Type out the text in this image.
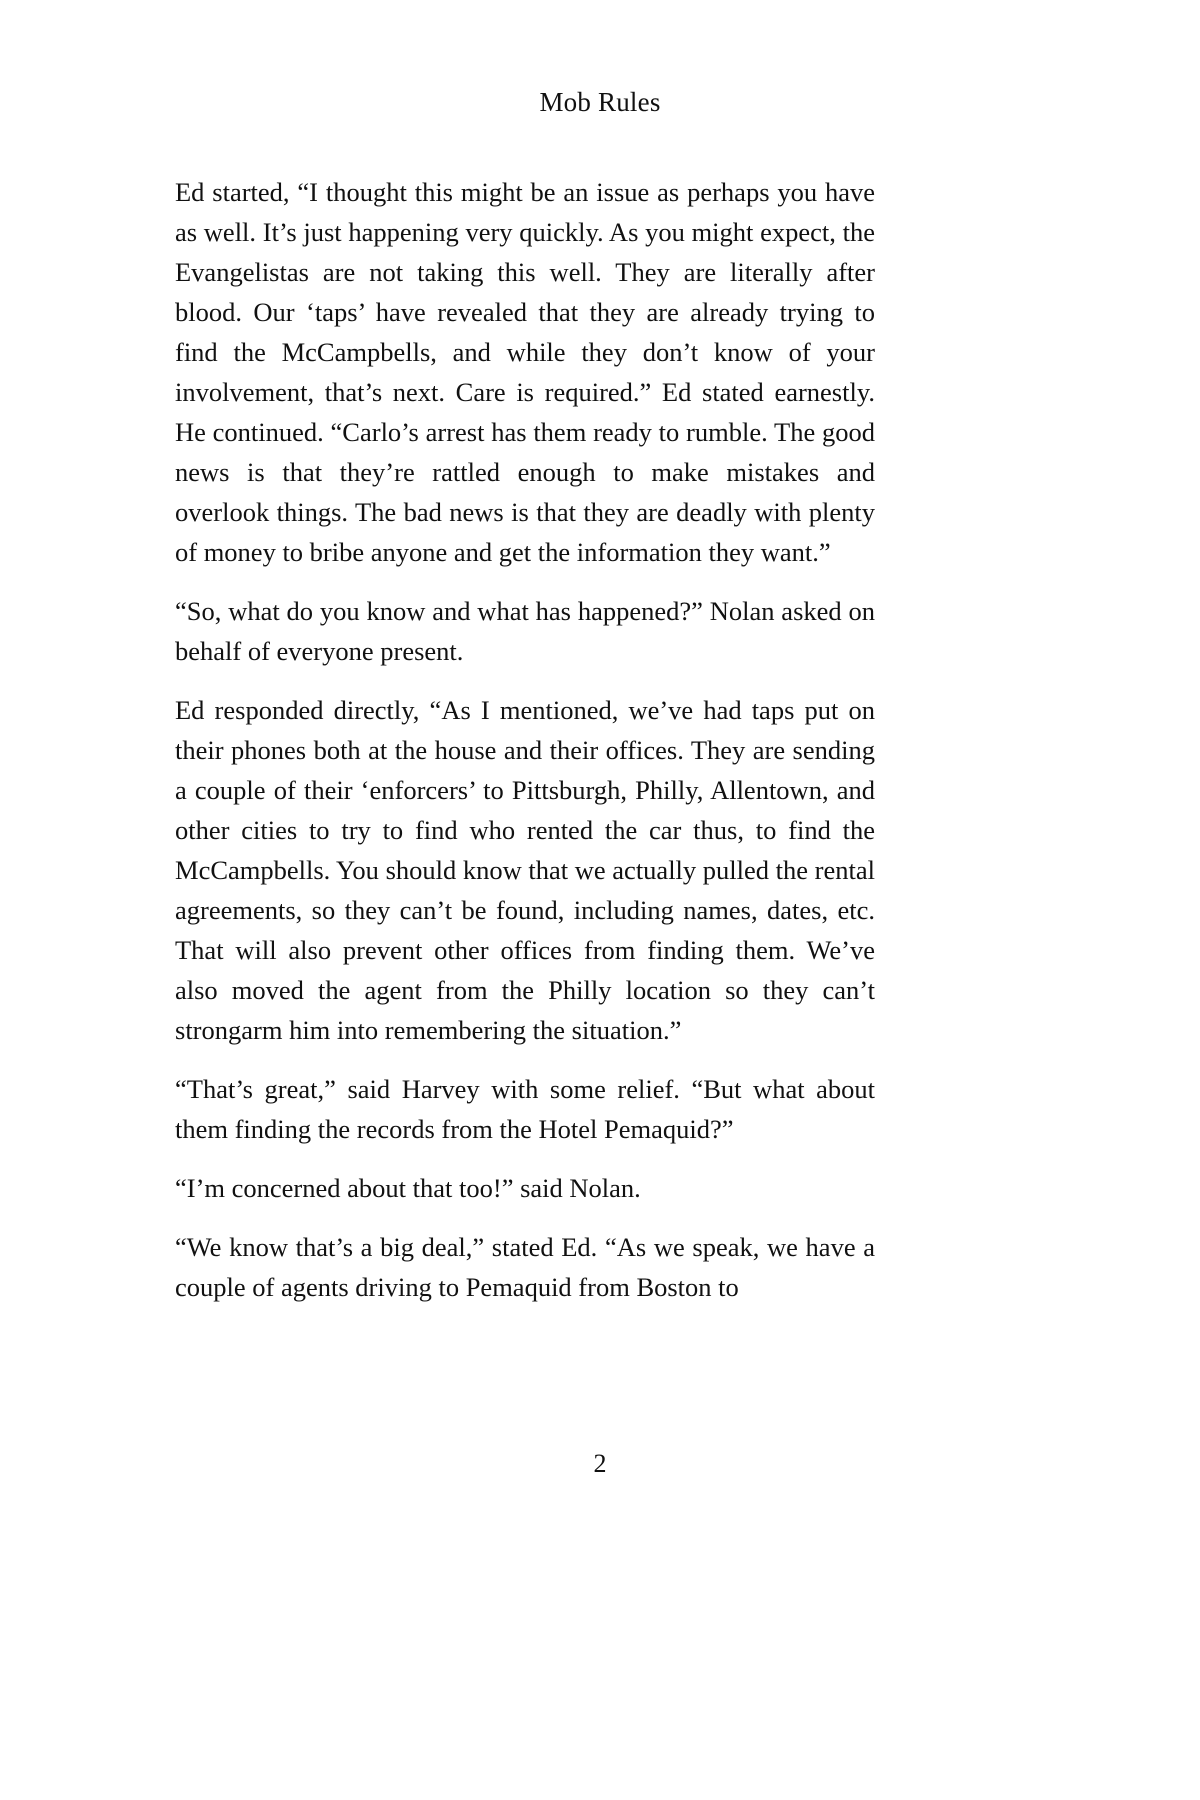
Mob Rules

Ed started, “I thought this might be an issue as perhaps you have as well. It’s just happening very quickly. As you might expect, the Evangelistas are not taking this well. They are literally after blood. Our ‘taps’ have revealed that they are already trying to find the McCampbells, and while they don’t know of your involvement, that’s next. Care is required.” Ed stated earnestly. He continued. “Carlo’s arrest has them ready to rumble. The good news is that they’re rattled enough to make mistakes and overlook things. The bad news is that they are deadly with plenty of money to bribe anyone and get the information they want.”

“So, what do you know and what has happened?” Nolan asked on behalf of everyone present.

Ed responded directly, “As I mentioned, we’ve had taps put on their phones both at the house and their offices. They are sending a couple of their ‘enforcers’ to Pittsburgh, Philly, Allentown, and other cities to try to find who rented the car thus, to find the McCampbells. You should know that we actually pulled the rental agreements, so they can’t be found, including names, dates, etc. That will also prevent other offices from finding them. We’ve also moved the agent from the Philly location so they can’t strongarm him into remembering the situation.”

“That’s great,” said Harvey with some relief. “But what about them finding the records from the Hotel Pemaquid?”

“I’m concerned about that too!” said Nolan.

“We know that’s a big deal,” stated Ed. “As we speak, we have a couple of agents driving to Pemaquid from Boston to

2
